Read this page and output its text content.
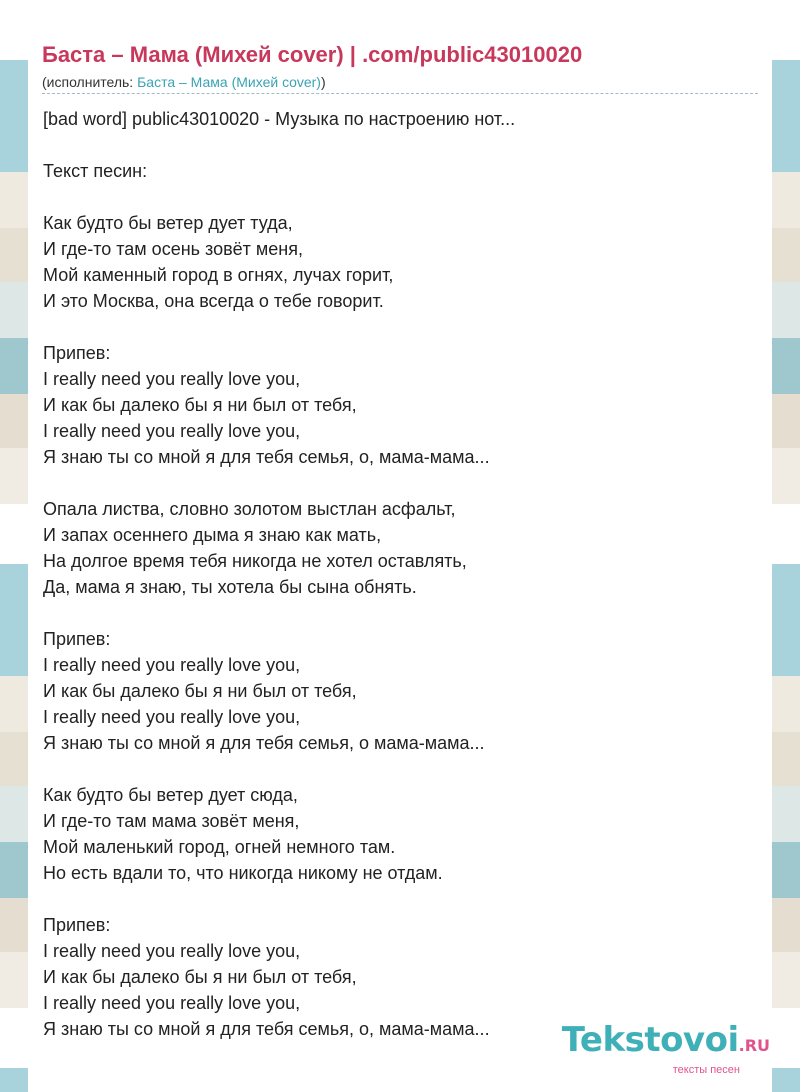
Баста – Мама (Михей cover) | .com/public43010020
(исполнитель: Баста – Мама (Михей cover))
[bad word] public43010020 - Музыка по настроению нот...
Текст песин:
Как будто бы ветер дует туда,
И где-то там осень зовёт меня,
Мой каменный город в огнях, лучах горит,
И это Москва, она всегда о тебе говорит.
Припев:
I really need you really love you,
И как бы далеко бы я ни был от тебя,
I really need you really love you,
Я знаю ты со мной я для тебя семья, о, мама-мама...
Опала листва, словно золотом выстлан асфальт,
И запах осеннего дыма я знаю как мать,
На долгое время тебя никогда не хотел оставлять,
Да, мама я знаю, ты хотела бы сына обнять.
Припев:
I really need you really love you,
И как бы далеко бы я ни был от тебя,
I really need you really love you,
Я знаю ты со мной я для тебя семья, о мама-мама...
Как будто бы ветер дует сюда,
И где-то там мама зовёт меня,
Мой маленький город, огней немного там.
Но есть вдали то, что никогда никому не отдам.
Припев:
I really need you really love you,
И как бы далеко бы я ни был от тебя,
I really need you really love you,
Я знаю ты со мной я для тебя семья, о, мама-мама...	Tekstovoi.RU
тексты песен
